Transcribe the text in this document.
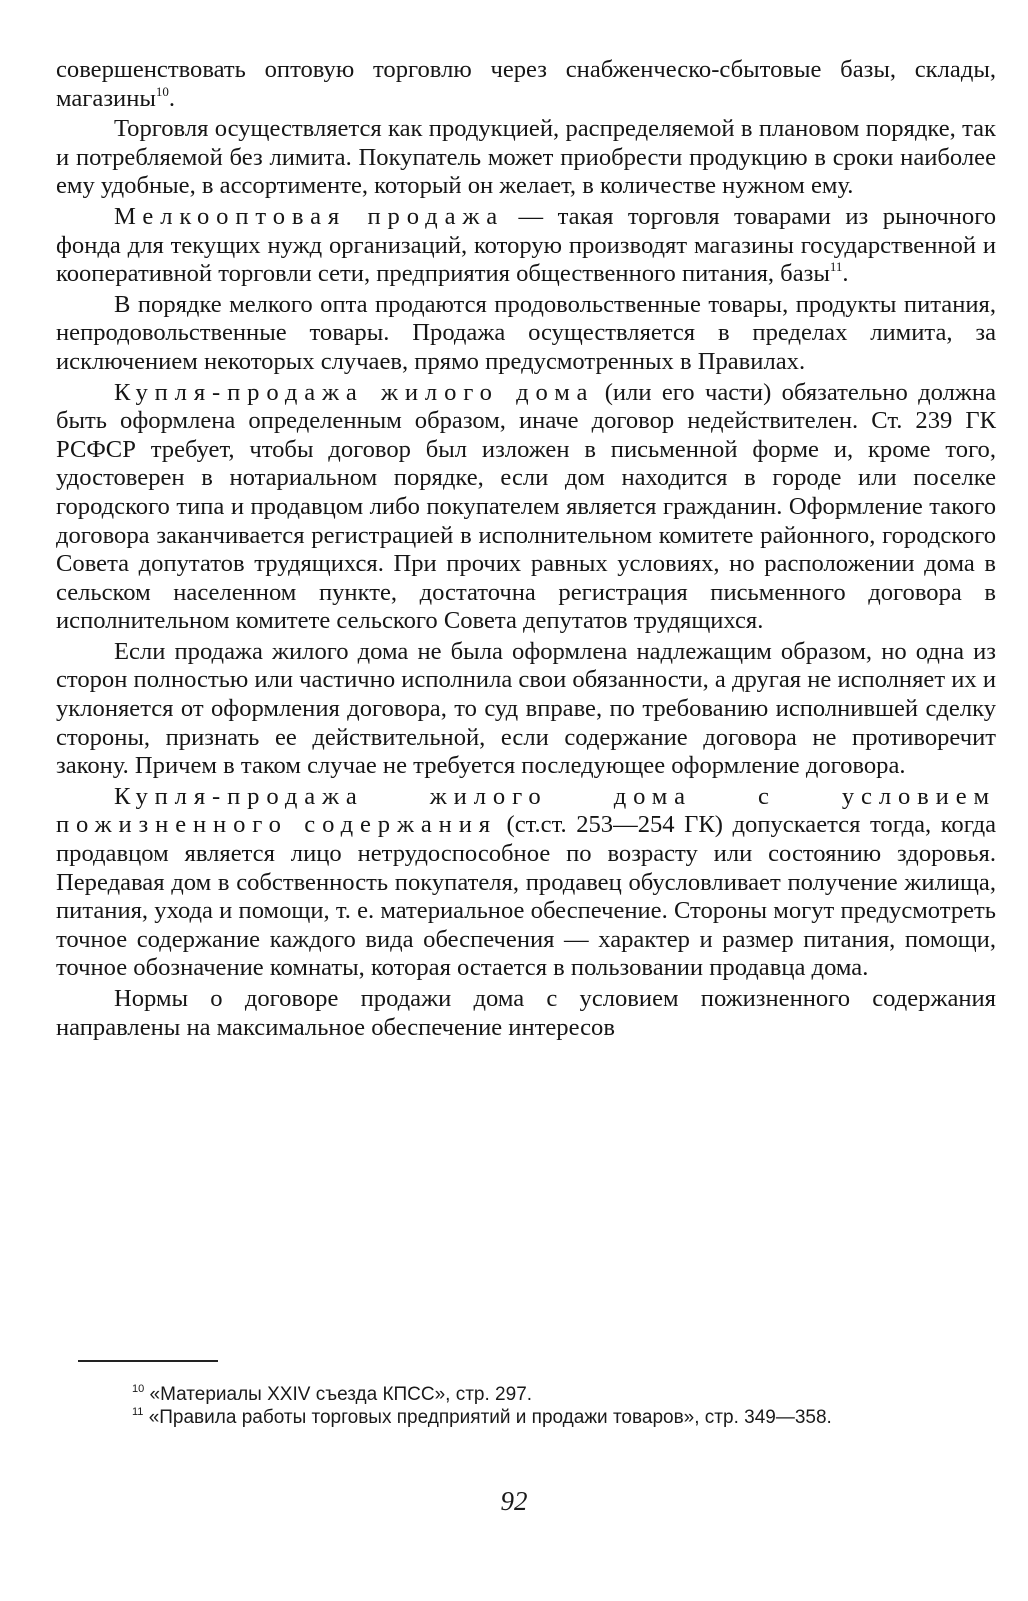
совершенствовать оптовую торговлю через снабженческо-сбытовые базы, склады, магазины$^{10}$.

Торговля осуществляется как продукцией, распределяемой в плановом порядке, так и потребляемой без лимита. Покупатель может приобрести продукцию в сроки наиболее ему удобные, в ассортименте, который он желает, в количестве нужном ему.

Мелкооптовая продажа — такая торговля товарами из рыночного фонда для текущих нужд организаций, которую производят магазины государственной и кооперативной торговли сети, предприятия общественного питания, базы$^{11}$.

В порядке мелкого опта продаются продовольственные товары, продукты питания, непродовольственные товары. Продажа осуществляется в пределах лимита, за исключением некоторых случаев, прямо предусмотренных в Правилах.

Купля-продажа жилого дома (или его части) обязательно должна быть оформлена определенным образом, иначе договор недействителен. Ст. 239 ГК РСФСР требует, чтобы договор был изложен в письменной форме и, кроме того, удостоверен в нотариальном порядке, если дом находится в городе или поселке городского типа и продавцом либо покупателем является гражданин. Оформление такого договора заканчивается регистрацией в исполнительном комитете районного, городского Совета допутатов трудящихся. При прочих равных условиях, но расположении дома в сельском населенном пункте, достаточна регистрация письменного договора в исполнительном комитете сельского Совета депутатов трудящихся.

Если продажа жилого дома не была оформлена надлежащим образом, но одна из сторон полностью или частично исполнила свои обязанности, а другая не исполняет их и уклоняется от оформления договора, то суд вправе, по требованию исполнившей сделку стороны, признать ее действительной, если содержание договора не противоречит закону. Причем в таком случае не требуется последующее оформление договора.

Купля-продажа жилого дома с условием пожизненного содержания (ст.ст. 253—254 ГК) допускается тогда, когда продавцом является лицо нетрудоспособное по возрасту или состоянию здоровья. Передавая дом в собственность покупателя, продавец обусловливает получение жилища, питания, ухода и помощи, т. е. материальное обеспечение. Стороны могут предусмотреть точное содержание каждого вида обеспечения — характер и размер питания, помощи, точное обозначение комнаты, которая остается в пользовании продавца дома.

Нормы о договоре продажи дома с условием пожизненного содержания направлены на максимальное обеспечение интересов

$^{10}$ «Материалы XXIV съезда КПСС», стр. 297.

$^{11}$ «Правила работы торговых предприятий и продажи товаров», стр. 349—358.

92
